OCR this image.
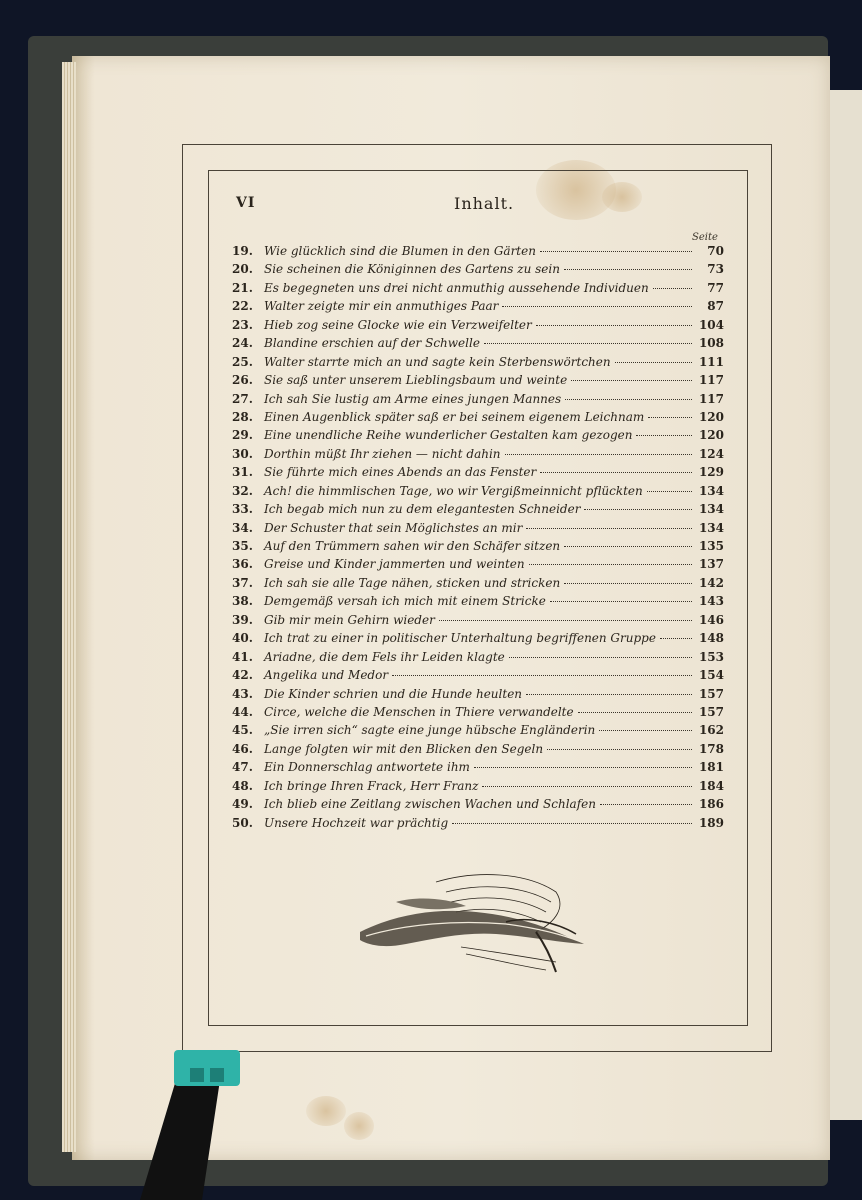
VI	Inhalt.
Seite
19. Wie glücklich sind die Blumen in den Gärten	70
20. Sie scheinen die Königinnen des Gartens zu sein	73
21. Es begegneten uns drei nicht anmuthig aussehende Individuen	77
22. Walter zeigte mir ein anmuthiges Paar	87
23. Hieb zog seine Glocke wie ein Verzweifelter	104
24. Blandine erschien auf der Schwelle	108
25. Walter starrte mich an und sagte kein Sterbenswörtchen	111
26. Sie saß unter unserem Lieblingsbaum und weinte	117
27. Ich sah Sie lustig am Arme eines jungen Mannes	117
28. Einen Augenblick später saß er bei seinem eigenem Leichnam	120
29. Eine unendliche Reihe wunderlicher Gestalten kam gezogen	120
30. Dorthin müßt Ihr ziehen — nicht dahin	124
31. Sie führte mich eines Abends an das Fenster	129
32. Ach! die himmlischen Tage, wo wir Vergißmeinnicht pflückten	134
33. Ich begab mich nun zu dem elegantesten Schneider	134
34. Der Schuster that sein Möglichstes an mir	134
35. Auf den Trümmern sahen wir den Schäfer sitzen	135
36. Greise und Kinder jammerten und weinten	137
37. Ich sah sie alle Tage nähen, sticken und stricken	142
38. Demgemäß versah ich mich mit einem Stricke	143
39. Gib mir mein Gehirn wieder	146
40. Ich trat zu einer in politischer Unterhaltung begriffenen Gruppe	148
41. Ariadne, die dem Fels ihr Leiden klagte	153
42. Angelika und Medor	154
43. Die Kinder schrien und die Hunde heulten	157
44. Circe, welche die Menschen in Thiere verwandelte	157
45. „Sie irren sich“ sagte eine junge hübsche Engländerin	162
46. Lange folgten wir mit den Blicken den Segeln	178
47. Ein Donnerschlag antwortete ihm	181
48. Ich bringe Ihren Frack, Herr Franz	184
49. Ich blieb eine Zeitlang zwischen Wachen und Schlafen	186
50. Unsere Hochzeit war prächtig	189
